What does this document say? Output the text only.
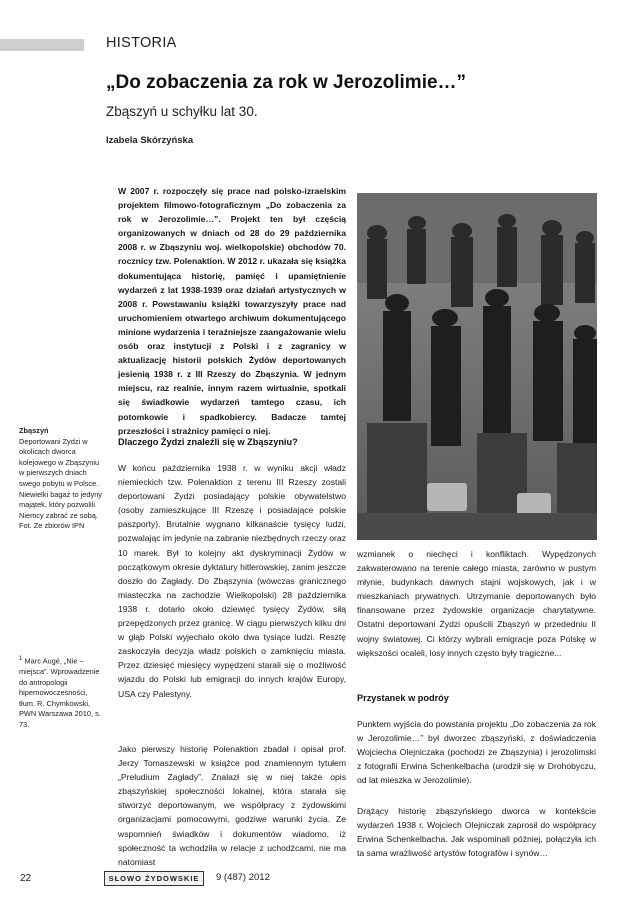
HISTORIA
„Do zobaczenia za rok w Jerozolimie…”
Zbąszyń u schyłku lat 30.
Izabela Skórzyńska

W 2007 r. rozpoczęły się prace nad polsko-izraelskim projektem filmowo-fotograficznym „Do zobaczenia za rok w Jerozolimie…”. Projekt ten był częścią organizowanych w dniach od 28 do 29 października 2008 r. w Zbąszyniu woj. wielkopolskie) obchodów 70. rocznicy tzw. Polenaktion. W 2012 r. ukazała się książka dokumentująca historię, pamięć i upamiętnienie wydarzeń z lat 1938-1939 oraz działań artystycznych w 2008 r. Powstawaniu książki towarzyszyły prace nad uruchomieniem otwartego archiwum dokumentującego minione wydarzenia i teraźniejsze zaangażowanie wielu osób oraz instytucji z Polski i z zagranicy w aktualizację historii polskich Żydów deportowanych jesienią 1938 r. z III Rzeszy do Zbąszynia. W jednym miejscu, raz realnie, innym razem wirtualnie, spotkali się świadkowie wydarzeń tamtego czasu, ich potomkowie i spadkobiercy. Badacze tamtej przeszłości i strażnicy pamięci o niej.

Dlaczego Żydzi znaleźli się w Zbąszyniu?

W końcu października 1938 r. w wyniku akcji władz niemieckich tzw. Polenaktion z terenu III Rzeszy zostali deportowani Żydzi posiadający polskie obywatelstwo (osoby zamieszkujące III Rzeszę i posiadające polskie paszporty). Brutalnie wygnano kilkanaście tysięcy ludzi, pozwalając im jedynie na zabranie niezbędnych rzeczy oraz 10 marek. Był to kolejny akt dyskryminacji Żydów w początkowym okresie dyktatury hitlerowskiej, zanim jeszcze doszło do Zagłady. Do Zbąszynia (wówczas granicznego miasteczka na zachodzie Wielkopolski) 28 października 1938 r. dotarło około dziewięć tysięcy Żydów, siłą przepędzonych przez granicę. W ciągu pierwszych kilku dni w głąb Polski wyjechało około dwa tysiące ludzi. Resztę zaskoczyła decyzja władz polskich o zamknięciu miasta. Przez dziesięć miesięcy wypędzeni starali się o możliwość wjazdu do Polski lub emigracji do innych krajów Europy, USA czy Palestyny.

Jako pierwszy historię Polenaktion zbadał i opisał prof. Jerzy Tomaszewski w książce pod znamiennym tytułem „Preludium Zagłady”. Znalazł się w niej także opis zbąszyńskiej społeczności lokalnej, która starała się stworzyć deportowanym, we współpracy z żydowskimi organizacjami pomocowymi, godziwe warunki życia. Ze wspomnień świadków i dokumentów wiadomo, iż społeczność ta wchodziła w relacje z uchodźcami, nie ma natomiast

Zbąszyń
Deportowani Żydzi w okolicach dworca kolejowego w Zbąszyniu w pierwszych dniach swego pobytu w Polsce. Niewielki bagaż to jedyny majątek, który pozwolili Niemcy zabrać ze sobą. Fot. Ze zbiorów IPN
$^1$ Marc Augé, „Nie – miejsca”. Wprowadzenie do antropologii hipernowoczesności, tłum. R. Chymkowski, PWN Warszawa 2010, s. 73.

wzmianek o niechęci i konfliktach. Wypędzonych zakwaterowano na terenie całego miasta, zarówno w pustym młynie, budynkach dawnych stajni wojskowych, jak i w mieszkaniach prywatnych. Utrzymanie deportowanych było finansowane przez żydowskie organizacje charytatywne. Ostatni deportowani Żydzi opuścili Zbąszyń w przededniu II wojny światowej. Ci którzy wybrali emigracje poza Polskę w większości ocaleli, losy innych często były tragiczne...

Przystanek w podróy

Punktem wyjścia do powstania projektu „Do zobaczenia za rok w Jerozolimie…” był dworzec zbąszyński, z doświadczenia Wojciecha Olejniczaka (pochodzi ze Zbąszynia) i jerozolimski z fotografii Erwina Schenkelbacha (urodził się w Drohobyczu, od lat mieszka w Jerozolimie).

Drążący historię zbąszyńskiego dworca w kontekście wydarzeń 1938 r. Wojciech Olejniczak zaprosił do współpracy Erwina Schenkelbacha. Jak wspominali później, połączyła ich ta sama wrażliwość artystów fotografów i synów…

22	SŁOWO ŻYDOWSKIE	9 (487) 2012
